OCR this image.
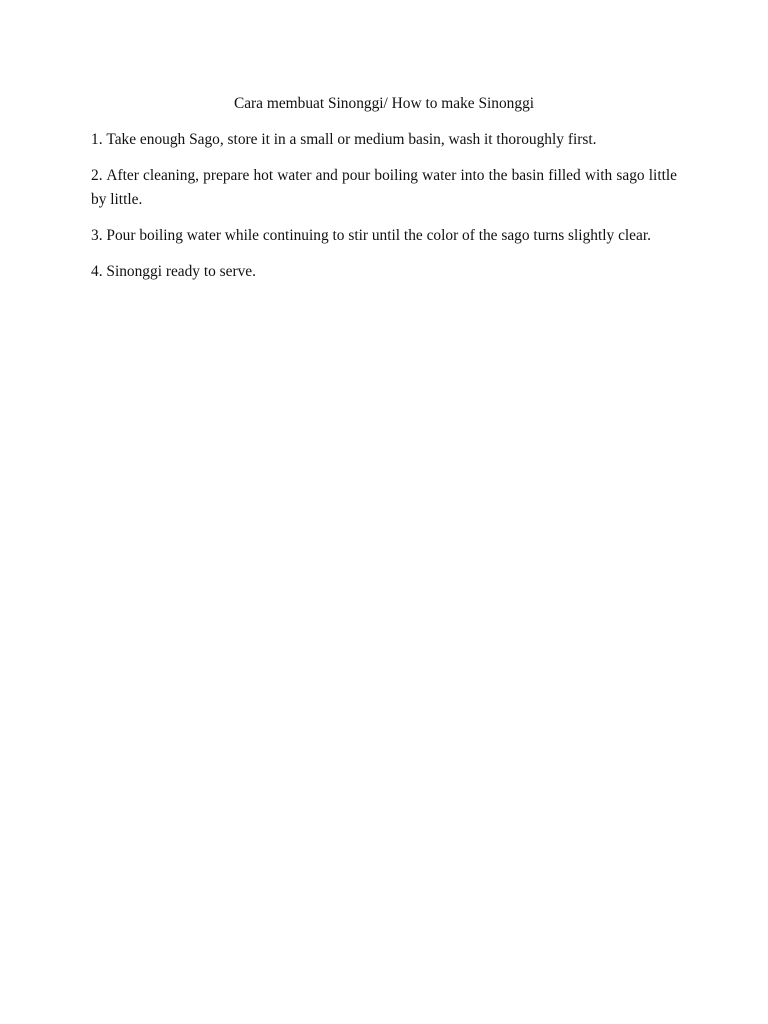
Cara membuat Sinonggi/ How to make Sinonggi
1. Take enough Sago, store it in a small or medium basin, wash it thoroughly first.
2. After cleaning, prepare hot water and pour boiling water into the basin filled with sago little by little.
3. Pour boiling water while continuing to stir until the color of the sago turns slightly clear.
4. Sinonggi ready to serve.
